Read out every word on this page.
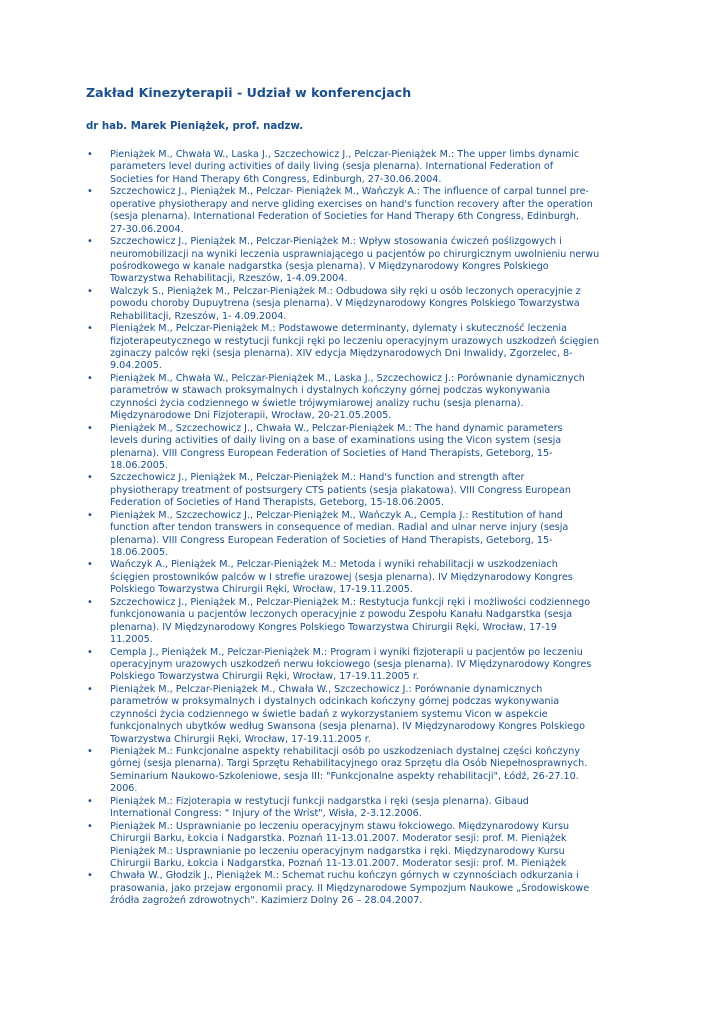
Zakład Kinezyterapii - Udział w konferencjach
dr hab. Marek Pieniążek, prof. nadzw.
• Pieniążek M., Chwała W., Laska J., Szczechowicz J., Pelczar-Pieniążek M.: The upper limbs dynamic
parameters level during activities of daily living (sesja plenarna). International Federation of
Societies for Hand Therapy 6th Congress, Edinburgh, 27-30.06.2004.
• Szczechowicz J., Pieniążek M., Pelczar- Pieniążek M., Wańczyk A.: The influence of carpal tunnel pre-
operative physiotherapy and nerve gliding exercises on hand's function recovery after the operation
(sesja plenarna). International Federation of Societies for Hand Therapy 6th Congress, Edinburgh,
27-30.06.2004.
• Szczechowicz J., Pieniążek M., Pelczar-Pieniążek M.: Wpływ stosowania ćwiczeń poślizgowych i
neuromobilizacji na wyniki leczenia usprawniającego u pacjentów po chirurgicznym uwolnieniu nerwu
pośrodkowego w kanale nadgarstka (sesja plenarna). V Międzynarodowy Kongres Polskiego
Towarzystwa Rehabilitacji, Rzeszów, 1-4.09.2004.
• Walczyk S., Pieniążek M., Pelczar-Pieniążek M.: Odbudowa siły ręki u osób leczonych operacyjnie z
powodu choroby Dupuytrena (sesja plenarna). V Międzynarodowy Kongres Polskiego Towarzystwa
Rehabilitacji, Rzeszów, 1- 4.09.2004.
• Pieniążek M., Pelczar-Pieniążek M.: Podstawowe determinanty, dylematy i skuteczność leczenia
fizjoterapeutycznego w restytucji funkcji ręki po leczeniu operacyjnym urazowych uszkodzeń ścięgien
zginaczy palców ręki (sesja plenarna). XIV edycja Międzynarodowych Dni Inwalidy, Zgorzelec, 8-
9.04.2005.
• Pieniążek M., Chwała W., Pelczar-Pieniążek M., Laska J., Szczechowicz J.: Porównanie dynamicznych
parametrów w stawach proksymalnych i dystalnych kończyny górnej podczas wykonywania
czynności życia codziennego w świetle trójwymiarowej analizy ruchu (sesja plenarna).
Międzynarodowe Dni Fizjoterapii, Wrocław, 20-21.05.2005.
• Pieniążek M., Szczechowicz J., Chwała W., Pelczar-Pieniążek M.: The hand dynamic parameters
levels during activities of daily living on a base of examinations using the Vicon system (sesja
plenarna). VIII Congress European Federation of Societies of Hand Therapists, Geteborg, 15-
18.06.2005.
• Szczechowicz J., Pieniążek M., Pelczar-Pieniążek M.: Hand's function and strength after
physiotherapy treatment of postsurgery CTS patients (sesja plakatowa). VIII Congress European
Federation of Societies of Hand Therapists, Geteborg, 15-18.06.2005.
• Pieniążek M., Szczechowicz J., Pelczar-Pieniążek M., Wańczyk A., Cempla J.: Restitution of hand
function after tendon transwers in consequence of median. Radial and ulnar nerve injury (sesja
plenarna). VIII Congress European Federation of Societies of Hand Therapists, Geteborg, 15-
18.06.2005.
• Wańczyk A., Pieniążek M., Pelczar-Pieniążek M.: Metoda i wyniki rehabilitacji w uszkodzeniach
ścięgien prostowników palców w I strefie urazowej (sesja plenarna). IV Międzynarodowy Kongres
Polskiego Towarzystwa Chirurgii Ręki, Wrocław, 17-19.11.2005.
• Szczechowicz J., Pieniążek M., Pelczar-Pieniążek M.: Restytucja funkcji ręki i możliwości codziennego
funkcjonowania u pacjentów leczonych operacyjnie z powodu Zespołu Kanału Nadgarstka (sesja
plenarna). IV Międzynarodowy Kongres Polskiego Towarzystwa Chirurgii Ręki, Wrocław, 17-19
11.2005.
• Cempla J., Pieniążek M., Pelczar-Pieniążek M.: Program i wyniki fizjoterapii u pacjentów po leczeniu
operacyjnym urazowych uszkodzeń nerwu łokciowego (sesja plenarna). IV Międzynarodowy Kongres
Polskiego Towarzystwa Chirurgii Ręki, Wrocław, 17-19.11.2005 r.
• Pieniążek M., Pelczar-Pieniążek M., Chwała W., Szczechowicz J.: Porównanie dynamicznych
parametrów w proksymalnych i dystalnych odcinkach kończyny górnej podczas wykonywania
czynności życia codziennego w świetle badań z wykorzystaniem systemu Vicon w aspekcie
funkcjonalnych ubytków według Swansona (sesja plenarna). IV Międzynarodowy Kongres Polskiego
Towarzystwa Chirurgii Ręki, Wrocław, 17-19.11.2005 r.
• Pieniążek M.: Funkcjonalne aspekty rehabilitacji osób po uszkodzeniach dystalnej części kończyny
górnej (sesja plenarna). Targi Sprzętu Rehabilitacyjnego oraz Sprzętu dla Osób Niepełnosprawnych.
Seminarium Naukowo-Szkoleniowe, sesja III: "Funkcjonalne aspekty rehabilitacji", Łódź, 26-27.10.
2006.
• Pieniążek M.: Fizjoterapia w restytucji funkcji nadgarstka i ręki (sesja plenarna). Gibaud
International Congress: " Injury of the Wrist", Wisła, 2-3.12.2006.
• Pieniążek M.: Usprawnianie po leczeniu operacyjnym stawu łokciowego. Międzynarodowy Kursu
Chirurgii Barku, Łokcia i Nadgarstka. Poznań 11-13.01.2007. Moderator sesji: prof. M. Pieniążek
Pieniążek M.: Usprawnianie po leczeniu operacyjnym nadgarstka i ręki. Międzynarodowy Kursu
Chirurgii Barku, Łokcia i Nadgarstka. Poznań 11-13.01.2007. Moderator sesji: prof. M. Pieniążek
• Chwała W., Głodzik J., Pieniążek M.: Schemat ruchu kończyn górnych w czynnościach odkurzania i
prasowania, jako przejaw ergonomii pracy. II Międzynarodowe Sympozjum Naukowe „Środowiskowe
źródła zagrożeń zdrowotnych". Kazimierz Dolny 26 – 28.04.2007.
